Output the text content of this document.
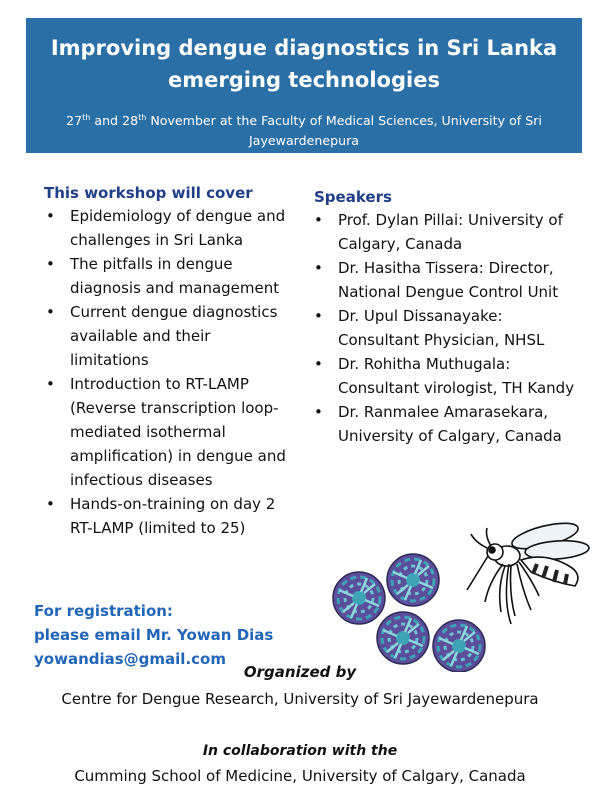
Improving dengue diagnostics in Sri Lanka
emerging technologies
27th and 28th November at the Faculty of Medical Sciences, University of Sri Jayewardenepura
This workshop will cover
• Epidemiology of dengue and challenges in Sri Lanka
• The pitfalls in dengue diagnosis and management
• Current dengue diagnostics available and their limitations
• Introduction to RT-LAMP (Reverse transcription loop-mediated isothermal amplification) in dengue and infectious diseases
• Hands-on-training on day 2 RT-LAMP (limited to 25)
Speakers
• Prof. Dylan Pillai: University of Calgary, Canada
• Dr. Hasitha Tissera: Director, National Dengue Control Unit
• Dr. Upul Dissanayake: Consultant Physician, NHSL
• Dr. Rohitha Muthugala: Consultant virologist, TH Kandy
• Dr. Ranmalee Amarasekara, University of Calgary, Canada
For registration:
please email Mr. Yowan Dias
yowandias@gmail.com
Organized by
Centre for Dengue Research, University of Sri Jayewardenepura
In collaboration with the
Cumming School of Medicine, University of Calgary, Canada
